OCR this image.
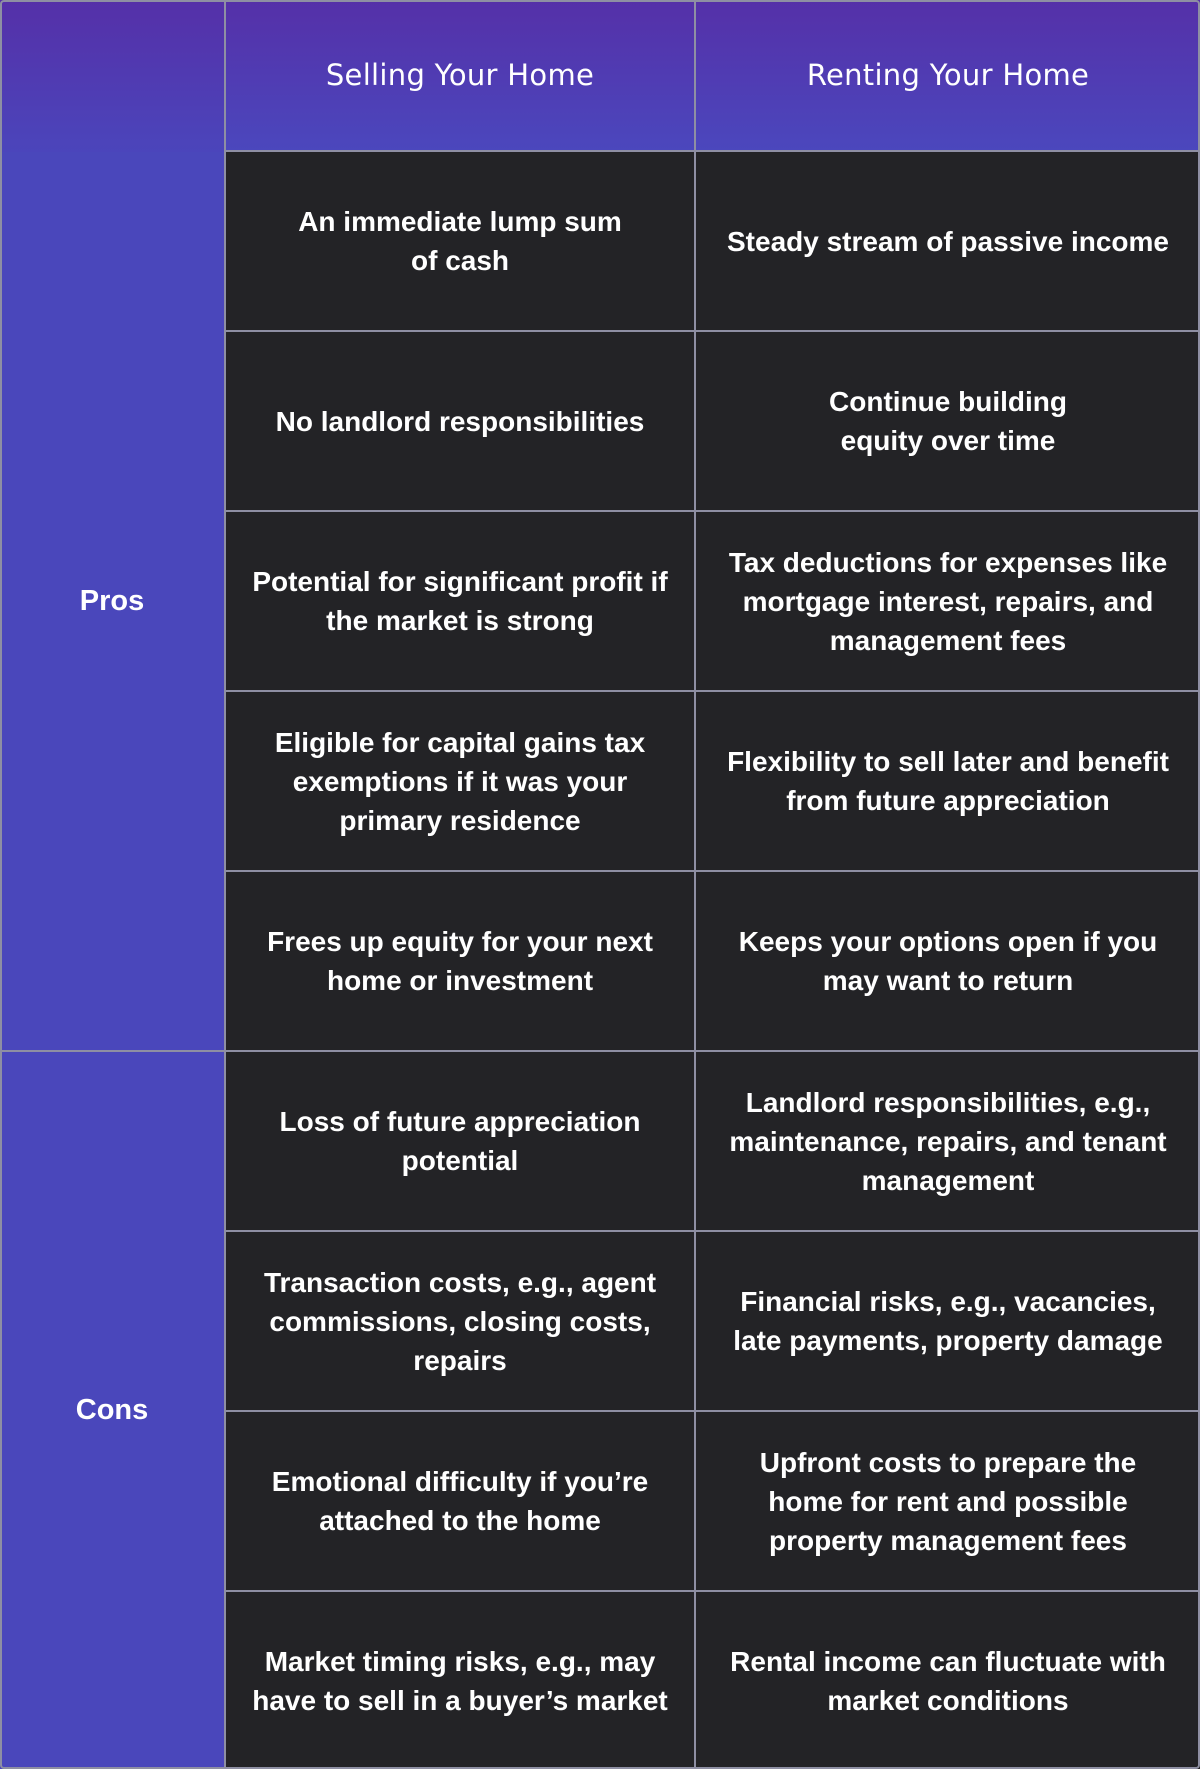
Selling Your Home	Renting Your Home
Pros
Cons
An immediate lump sum of cash
Steady stream of passive income
No landlord responsibilities
Continue building equity over time
Potential for significant profit if the market is strong
Tax deductions for expenses like mortgage interest, repairs, and management fees
Eligible for capital gains tax exemptions if it was your primary residence
Flexibility to sell later and benefit from future appreciation
Frees up equity for your next home or investment
Keeps your options open if you may want to return
Loss of future appreciation potential
Landlord responsibilities, e.g., maintenance, repairs, and tenant management
Transaction costs, e.g., agent commissions, closing costs, repairs
Financial risks, e.g., vacancies, late payments, property damage
Emotional difficulty if you’re attached to the home
Upfront costs to prepare the home for rent and possible property management fees
Market timing risks, e.g., may have to sell in a buyer’s market
Rental income can fluctuate with market conditions
